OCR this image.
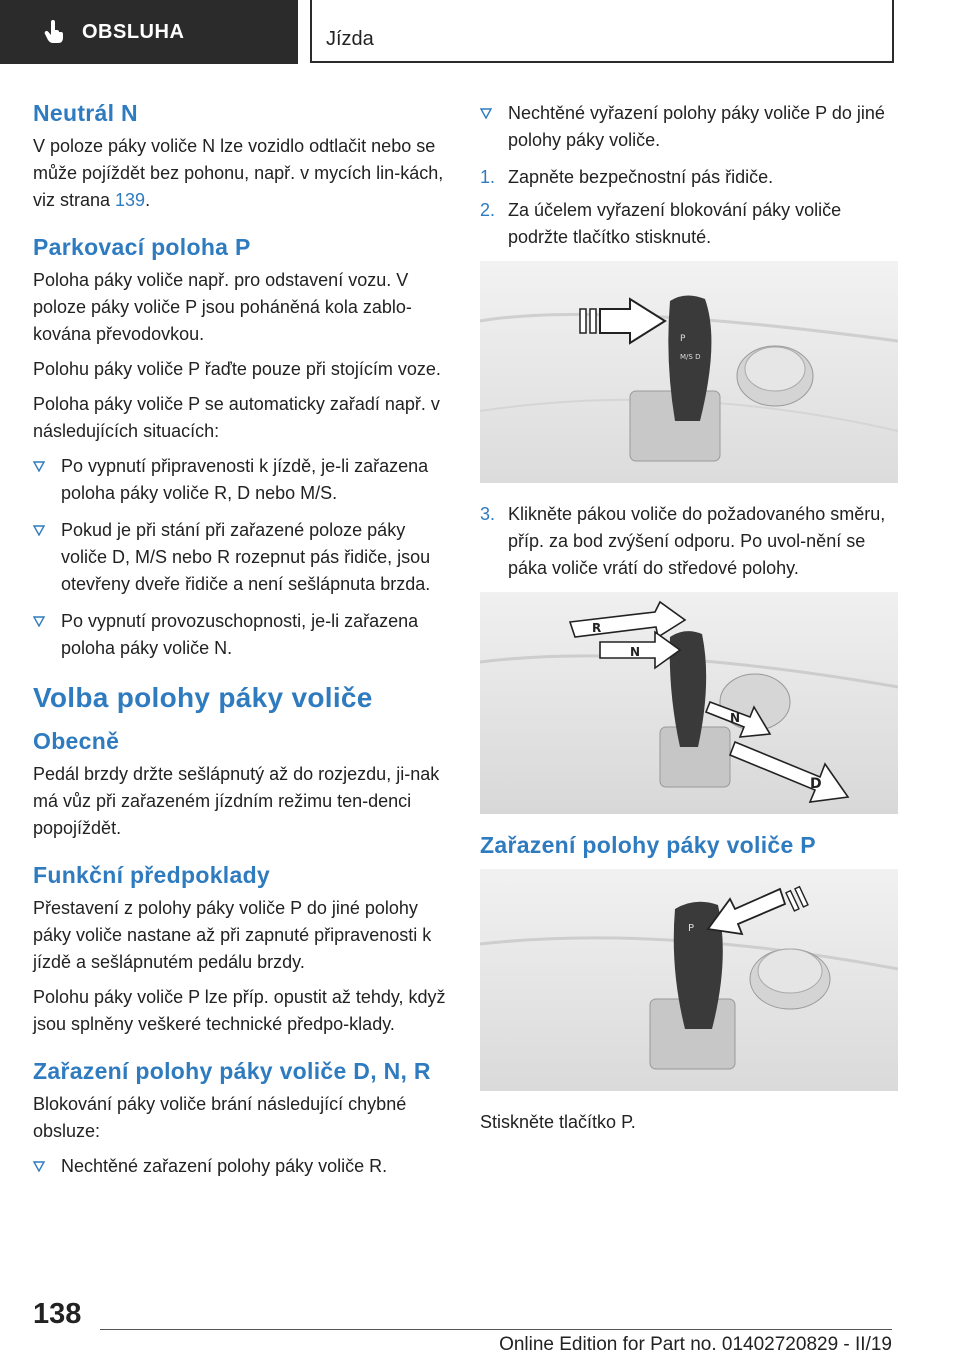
OBSLUHA	Jízda
Neutrál N

V poloze páky voliče N lze vozidlo odtlačit nebo se může pojíždět bez pohonu, např. v mycích lin-kách, viz strana 139.

Parkovací poloha P

Poloha páky voliče např. pro odstavení vozu. V poloze páky voliče P jsou poháněná kola zablo-kována převodovkou.

Polohu páky voliče P řaďte pouze při stojícím voze.

Poloha páky voliče P se automaticky zařadí např. v následujících situacích:

Po vypnutí připravenosti k jízdě, je-li zařazena poloha páky voliče R, D nebo M/S.
Pokud je při stání při zařazené poloze páky voliče D, M/S nebo R rozepnut pás řidiče, jsou otevřeny dveře řidiče a není sešlápnuta brzda.
Po vypnutí provozuschopnosti, je-li zařazena poloha páky voliče N.
Volba polohy páky voliče
Obecně

Pedál brzdy držte sešlápnutý až do rozjezdu, ji-nak má vůz při zařazeném jízdním režimu ten-denci popojíždět.

Funkční předpoklady

Přestavení z polohy páky voliče P do jiné polohy páky voliče nastane až při zapnuté připravenosti k jízdě a sešlápnutém pedálu brzdy.

Polohu páky voliče P lze příp. opustit až tehdy, když jsou splněny veškeré technické předpo-klady.

Zařazení polohy páky voliče D, N, R

Blokování páky voliče brání následující chybné obsluze:

Nechtěné zařazení polohy páky voliče R.
Nechtěné vyřazení polohy páky voliče P do jiné polohy páky voliče.
1. Zapněte bezpečnostní pás řidiče.
2. Za účelem vyřazení blokování páky voliče podržte tlačítko stisknuté.
P
M/S D
3. Klikněte pákou voliče do požadovaného směru, příp. za bod zvýšení odporu. Po uvol-nění se páka voliče vrátí do středové polohy.
R
N
N
D
Zařazení polohy páky voliče P
P

Stiskněte tlačítko P.

138
Online Edition for Part no. 01402720829 - II/19
